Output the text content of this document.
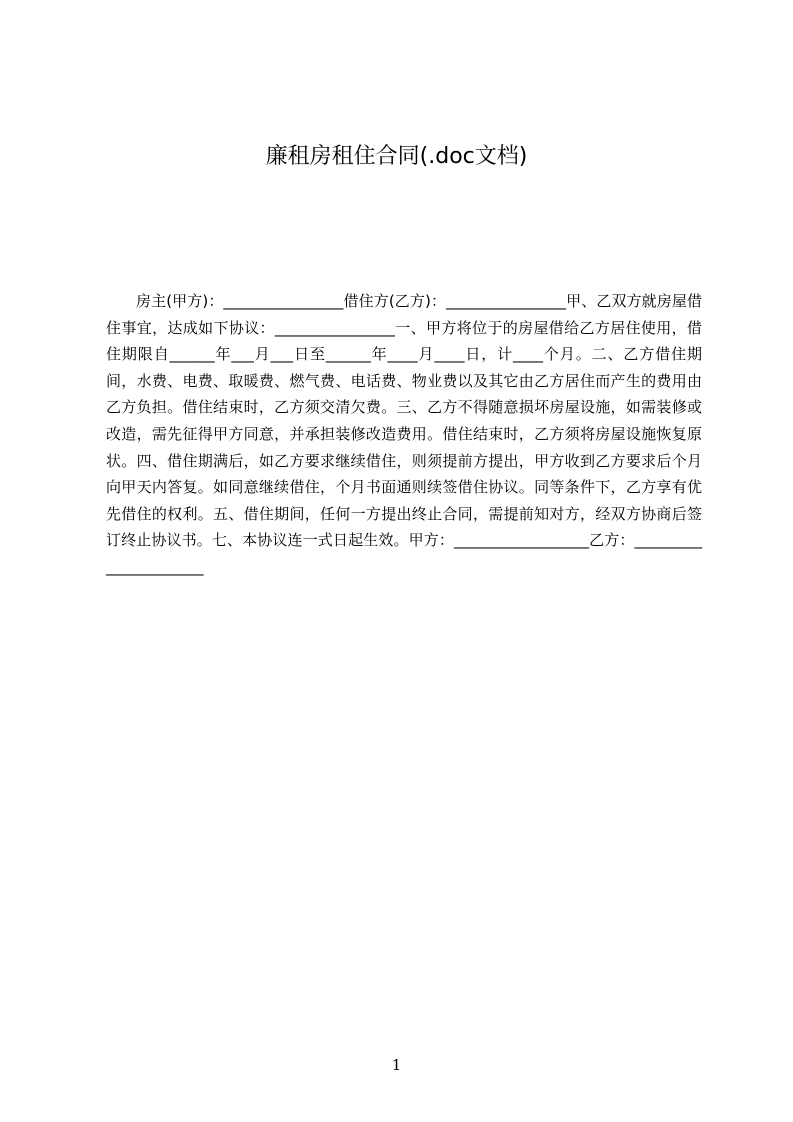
廉租房租住合同(.doc文档)

房主(甲方)：________________借住方(乙方)：________________甲、乙双方就房屋借住事宜，达成如下协议：________________一、甲方将位于的房屋借给乙方居住使用，借住期限自______年___月___日至______年____月____日，计____个月。二、乙方借住期间，水费、电费、取暖费、燃气费、电话费、物业费以及其它由乙方居住而产生的费用由乙方负担。借住结束时，乙方须交清欠费。三、乙方不得随意损坏房屋设施，如需装修或改造，需先征得甲方同意，并承担装修改造费用。借住结束时，乙方须将房屋设施恢复原状。四、借住期满后，如乙方要求继续借住，则须提前方提出，甲方收到乙方要求后个月向甲天内答复。如同意继续借住，个月书面通则续签借住协议。同等条件下，乙方享有优先借住的权利。五、借住期间，任何一方提出终止合同，需提前知对方，经双方协商后签订终止协议书。七、本协议连一式日起生效。甲方：__________________乙方：______________________

1
